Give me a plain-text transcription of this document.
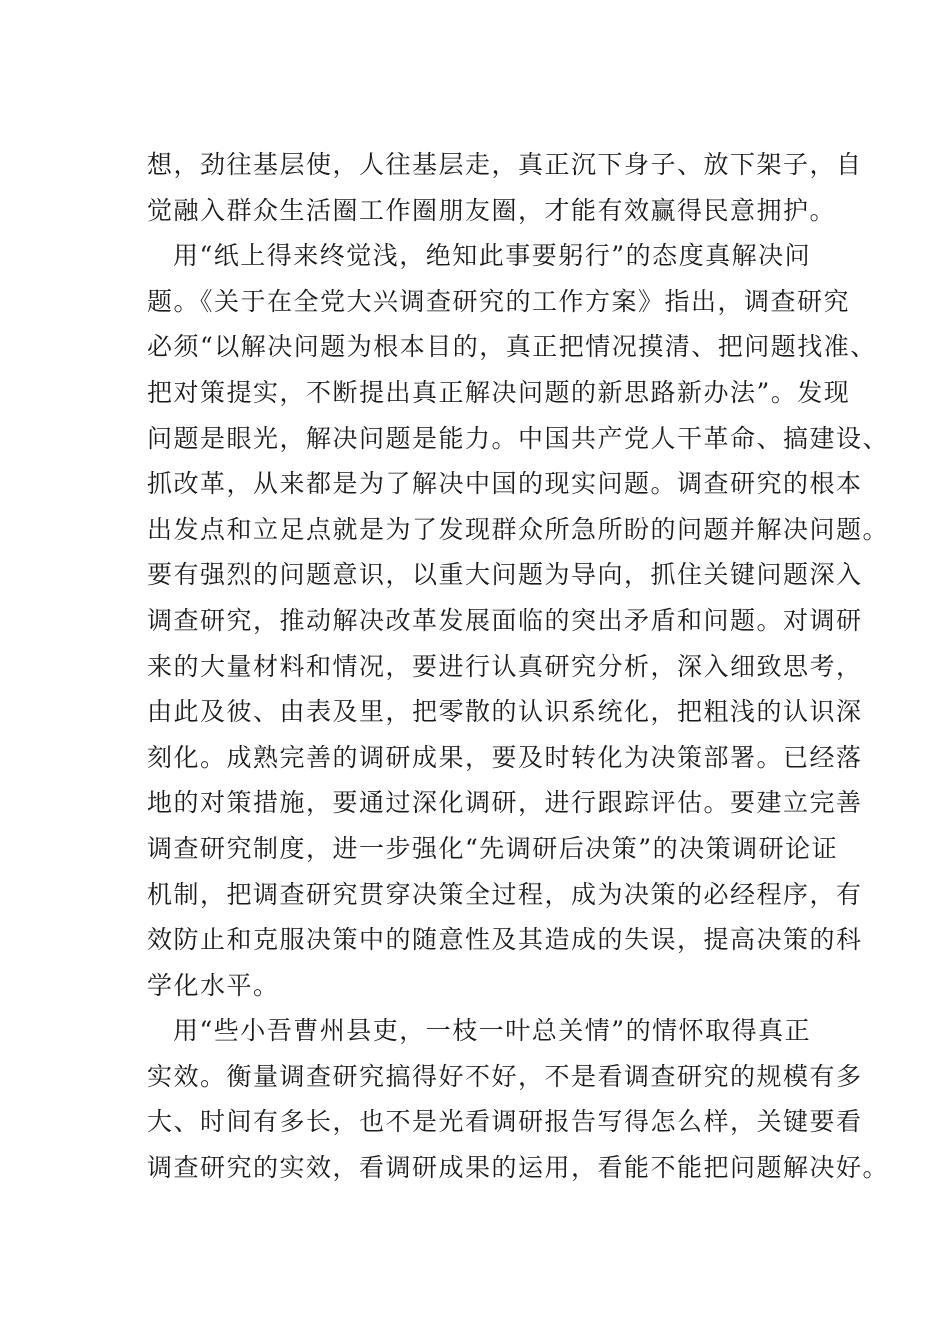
想，劲往基层使，人往基层走，真正沉下身子、放下架子，自
觉融入群众生活圈工作圈朋友圈，才能有效赢得民意拥护。
用“纸上得来终觉浅，绝知此事要躬行”的态度真解决问
题。《关于在全党大兴调查研究的工作方案》指出，调查研究
必须“以解决问题为根本目的，真正把情况摸清、把问题找准、
把对策提实，不断提出真正解决问题的新思路新办法”。发现
问题是眼光，解决问题是能力。中国共产党人干革命、搞建设、
抓改革，从来都是为了解决中国的现实问题。调查研究的根本
出发点和立足点就是为了发现群众所急所盼的问题并解决问题。
要有强烈的问题意识，以重大问题为导向，抓住关键问题深入
调查研究，推动解决改革发展面临的突出矛盾和问题。对调研
来的大量材料和情况，要进行认真研究分析，深入细致思考，
由此及彼、由表及里，把零散的认识系统化，把粗浅的认识深
刻化。成熟完善的调研成果，要及时转化为决策部署。已经落
地的对策措施，要通过深化调研，进行跟踪评估。要建立完善
调查研究制度，进一步强化“先调研后决策”的决策调研论证
机制，把调查研究贯穿决策全过程，成为决策的必经程序，有
效防止和克服决策中的随意性及其造成的失误，提高决策的科
学化水平。
用“些小吾曹州县吏，一枝一叶总关情”的情怀取得真正
实效。衡量调查研究搞得好不好，不是看调查研究的规模有多
大、时间有多长，也不是光看调研报告写得怎么样，关键要看
调查研究的实效，看调研成果的运用，看能不能把问题解决好。
